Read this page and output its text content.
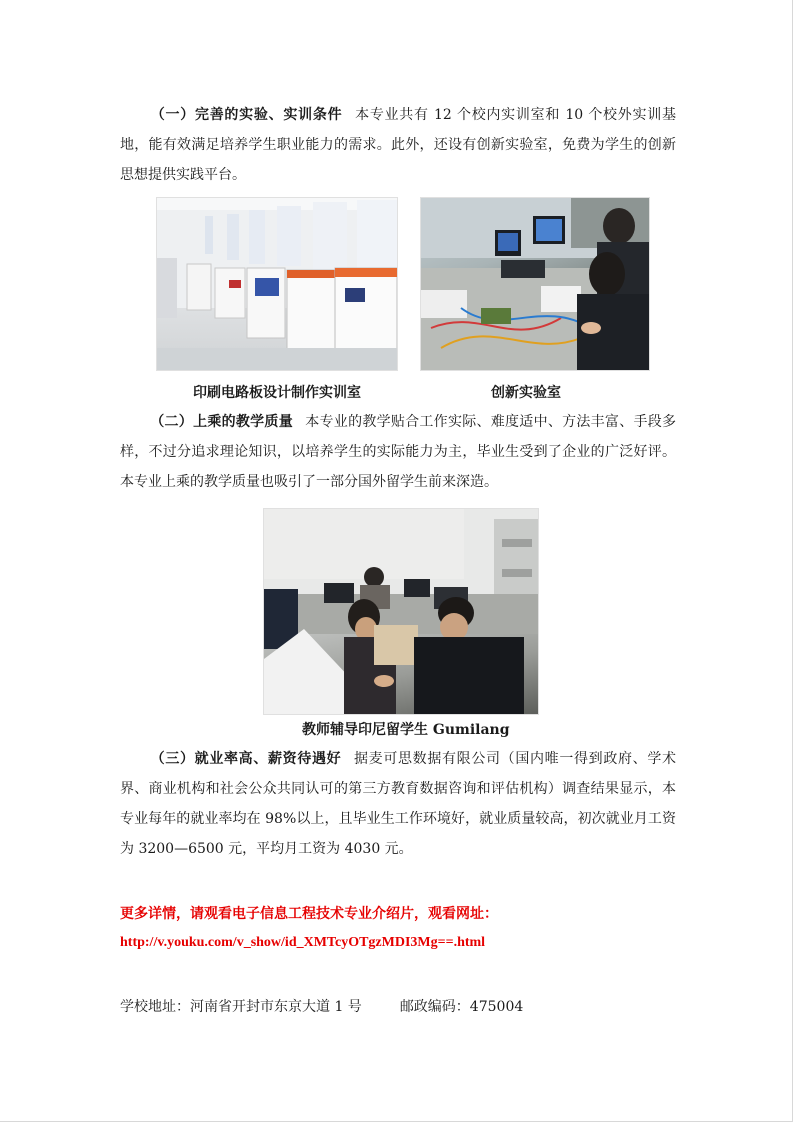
（一）完善的实验、实训条件 本专业共有 12 个校内实训室和 10 个校外实训基地，能有效满足培养学生职业能力的需求。此外，还设有创新实验室，免费为学生的创新思想提供实践平台。
印刷电路板设计制作实训室	创新实验室
（二）上乘的教学质量 本专业的教学贴合工作实际、难度适中、方法丰富、手段多样，不过分追求理论知识，以培养学生的实际能力为主，毕业生受到了企业的广泛好评。本专业上乘的教学质量也吸引了一部分国外留学生前来深造。
教师辅导印尼留学生 Gumilang
（三）就业率高、薪资待遇好 据麦可思数据有限公司（国内唯一得到政府、学术界、商业机构和社会公众共同认可的第三方教育数据咨询和评估机构）调查结果显示，本专业每年的就业率均在 98%以上，且毕业生工作环境好，就业质量较高，初次就业月工资为 3200—6500 元，平均月工资为 4030 元。
更多详情，请观看电子信息工程技术专业介绍片，观看网址：
http://v.youku.com/v_show/id_XMTcyOTgzMDI3Mg==.html
学校地址：河南省开封市东京大道 1 号	邮政编码：475004
